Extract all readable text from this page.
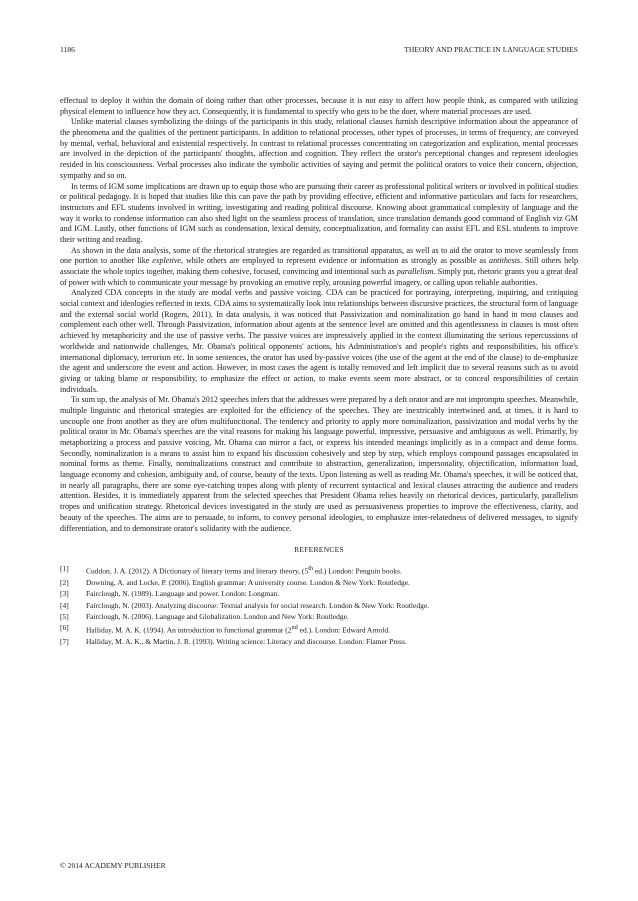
1186	THEORY AND PRACTICE IN LANGUAGE STUDIES

effectual to deploy it within the domain of doing rather than other processes, because it is not easy to affect how people think, as compared with utilizing physical element to influence how they act. Consequently, it is fundamental to specify who gets to be the doer, where material processes are used.

Unlike material clauses symbolizing the doings of the participants in this study, relational clauses furnish descriptive information about the appearance of the phenomena and the qualities of the pertinent participants. In addition to relational processes, other types of processes, in terms of frequency, are conveyed by mental, verbal, behavioral and existential respectively. In contrast to relational processes concentrating on categorization and explication, mental processes are involved in the depiction of the participants' thoughts, affection and cognition. They reflect the orator's perceptional changes and represent ideologies resided in his consciousness. Verbal processes also indicate the symbolic activities of saying and permit the political orators to voice their concern, objection, sympathy and so on.

In terms of IGM some implications are drawn up to equip those who are pursuing their career as professional political writers or involved in political studies or political pedagogy. It is hoped that studies like this can pave the path by providing effective, efficient and informative particulars and facts for researchers, instructors and EFL students involved in writing, investigating and reading political discourse. Knowing about grammatical complexity of language and the way it works to condense information can also shed light on the seamless process of translation, since translation demands good command of English viz GM and IGM. Lastly, other functions of IGM such as condensation, lexical density, conceptualization, and formality can assist EFL and ESL students to improve their writing and reading.

As shown in the data analysis, some of the rhetorical strategies are regarded as transitional apparatus, as well as to aid the orator to move seamlessly from one portion to another like expletive, while others are employed to represent evidence or information as strongly as possible as antithesis. Still others help associate the whole topics together, making them cohesive, focused, convincing and intentional such as parallelism. Simply put, rhetoric grants you a great deal of power with which to communicate your message by provoking an emotive reply, arousing powerful imagery, or calling upon reliable authorities.

Analyzed CDA concepts in the study are modal verbs and passive voicing. CDA can be practiced for portraying, interpreting, inquiring, and critiquing social context and ideologies reflected in texts. CDA aims to systematically look into relationships between discursive practices, the structural form of language and the external social world (Rogers, 2011). In data analysis, it was noticed that Passivization and nominalization go hand in hand in most clauses and complement each other well. Through Passivization, information about agents at the sentence level are omitted and this agentlessness in clauses is most often achieved by metaphoricity and the use of passive verbs. The passive voices are impressively applied in the context illuminating the serious repercussions of worldwide and nationwide challenges, Mr. Obama's political opponents' actions, his Administration's and people's rights and responsibilities, his office's international diplomacy, terrorism etc. In some sentences, the orator has used by-passive voices (the use of the agent at the end of the clause) to de-emphasize the agent and underscore the event and action. However, in most cases the agent is totally removed and left implicit due to several reasons such as to avoid giving or taking blame or responsibility, to emphasize the effect or action, to make events seem more abstract, or to conceal responsibilities of certain individuals.

To sum up, the analysis of Mr. Obama's 2012 speeches infers that the addresses were prepared by a deft orator and are not impromptu speeches. Meanwhile, multiple linguistic and rhetorical strategies are exploited for the efficiency of the speeches. They are inextricably intertwined and, at times, it is hard to uncouple one from another as they are often multifunctional. The tendency and priority to apply more nominalization, passivization and modal verbs by the political orator in Mr. Obama's speeches are the vital reasons for making his language powerful, impressive, persuasive and ambiguous as well. Primarily, by metaphorizing a process and passive voicing, Mr. Obama can mirror a fact, or express his intended meanings implicitly as in a compact and dense forms. Secondly, nominalization is a means to assist him to expand his discussion cohesively and step by step, which employs compound passages encapsulated in nominal forms as theme. Finally, nominalizations construct and contribute to abstraction, generalization, impersonality, objectification, information load, language economy and cohesion, ambiguity and, of course, beauty of the texts. Upon listening as well as reading Mr. Obama's speeches, it will be noticed that, in nearly all paragraphs, there are some eye-catching tropes along with plenty of recurrent syntactical and lexical clauses attracting the audience and readers attention. Besides, it is immediately apparent from the selected speeches that President Obama relies heavily on rhetorical devices, particularly, parallelism tropes and unification strategy. Rhetorical devices investigated in the study are used as persuasiveness properties to improve the effectiveness, clarity, and beauty of the speeches. The aims are to persuade, to inform, to convey personal ideologies, to emphasize inter-relatedness of delivered messages, to signify differentiation, and to demonstrate orator's solidarity with the audience.

REFERENCES
[1]	Cuddon, J. A. (2012). A Dictionary of literary terms and literary theory, (5th ed.) London: Penguin books.
[2]	Downing, A. and Locke, P. (2006). English grammar: A university course. London & New York: Routledge.
[3]	Fairclough, N. (1989). Language and power. London: Longman.
[4]	Fairclough, N. (2003). Analyzing discourse: Textual analysis for social research. London & New York: Routledge.
[5]	Fairclough, N. (2006). Language and Globalization. London and New York: Routledge.
[6]	Halliday, M. A. K. (1994). An introduction to functional grammar (2nd ed.). London: Edward Arnold.
[7]	Halliday, M. A. K., & Martin, J. R. (1993). Writing science: Literacy and discourse. London: Flamer Press.
© 2014 ACADEMY PUBLISHER
